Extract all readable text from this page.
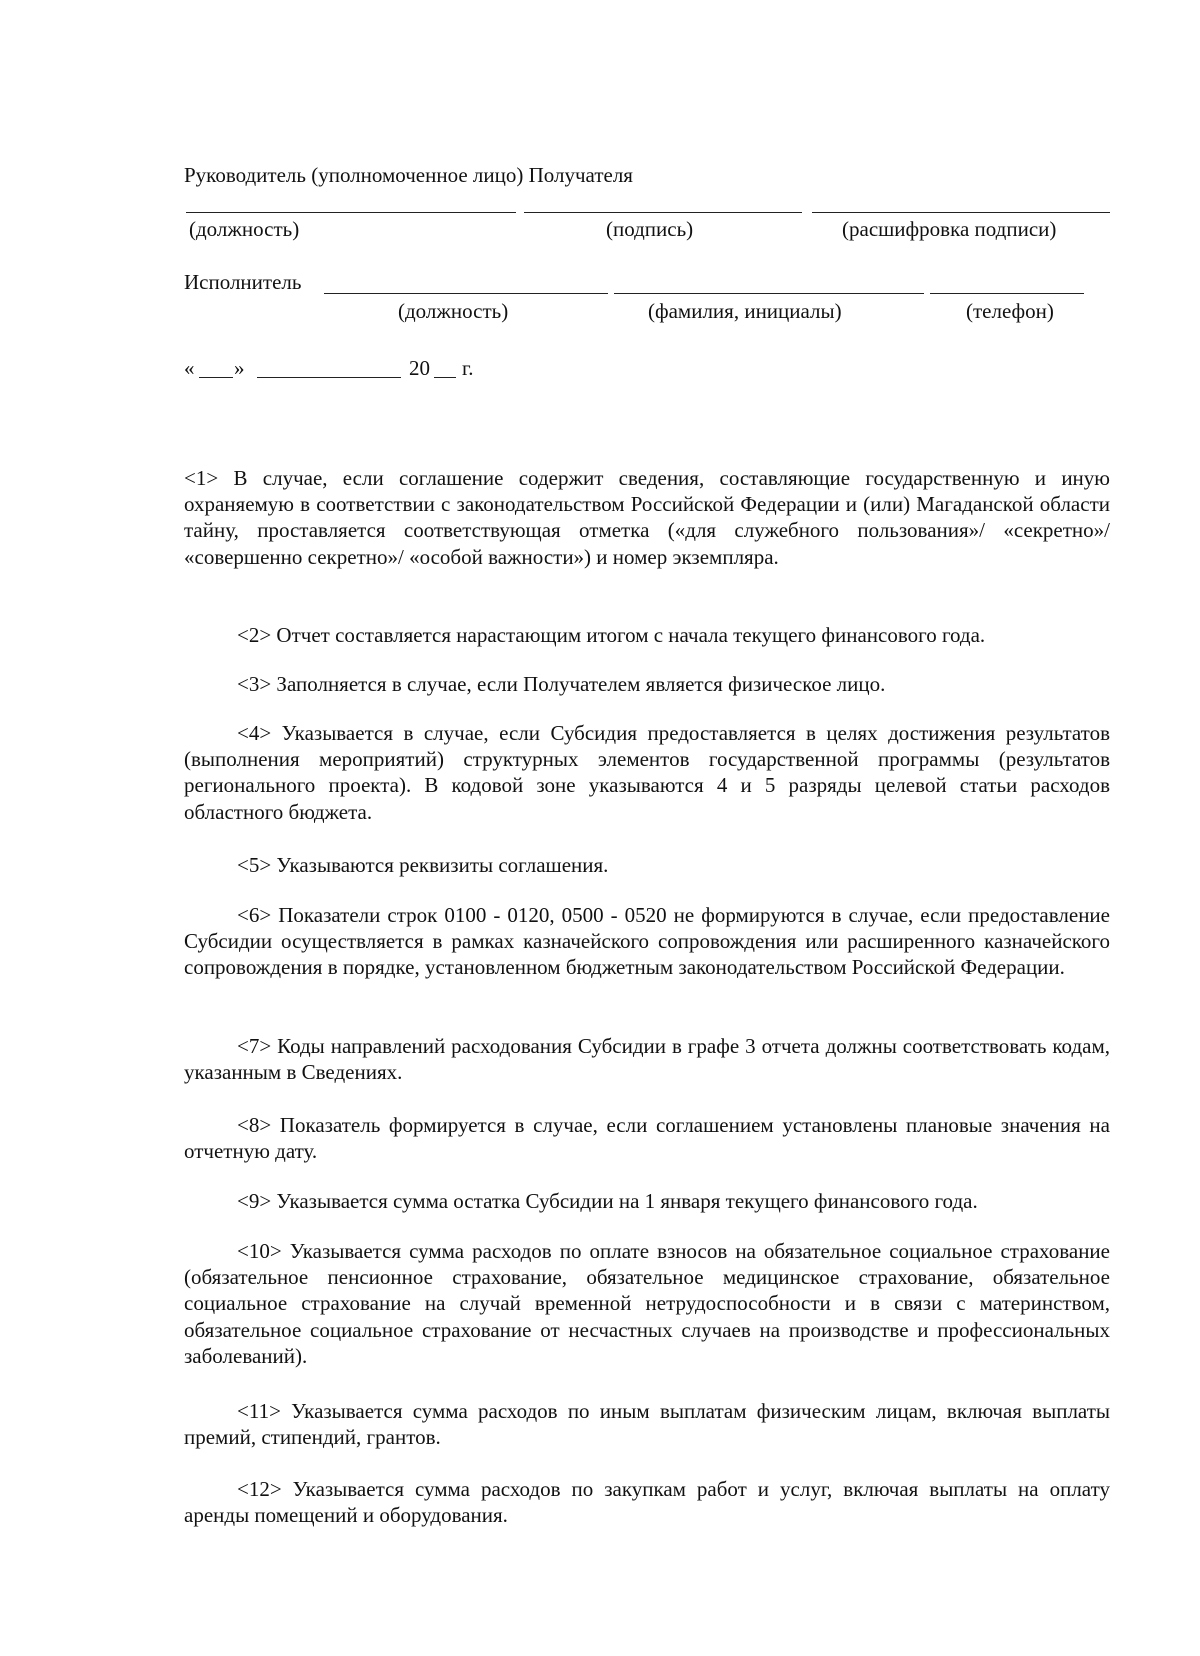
Руководитель (уполномоченное лицо) Получателя
(должность)	(подпись)	(расшифровка подписи)
Исполнитель
(должность)	(фамилия, инициалы)	(телефон)
« »	20 г.

<1> В случае, если соглашение содержит сведения, составляющие государственную и иную охраняемую в соответствии с законодательством Российской Федерации и (или) Магаданской области тайну, проставляется соответствующая отметка («для служебного пользования»/ «секретно»/ «совершенно секретно»/ «особой важности») и номер экземпляра.

<2> Отчет составляется нарастающим итогом с начала текущего финансового года.

<3> Заполняется в случае, если Получателем является физическое лицо.

<4> Указывается в случае, если Субсидия предоставляется в целях достижения результатов (выполнения мероприятий) структурных элементов государственной программы (результатов регионального проекта). В кодовой зоне указываются 4 и 5 разряды целевой статьи расходов областного бюджета.

<5> Указываются реквизиты соглашения.

<6> Показатели строк 0100 - 0120, 0500 - 0520 не формируются в случае, если предоставление Субсидии осуществляется в рамках казначейского сопровождения или расширенного казначейского сопровождения в порядке, установленном бюджетным законодательством Российской Федерации.

<7> Коды направлений расходования Субсидии в графе 3 отчета должны соответствовать кодам, указанным в Сведениях.

<8> Показатель формируется в случае, если соглашением установлены плановые значения на отчетную дату.

<9> Указывается сумма остатка Субсидии на 1 января текущего финансового года.

<10> Указывается сумма расходов по оплате взносов на обязательное социальное страхование (обязательное пенсионное страхование, обязательное медицинское страхование, обязательное социальное страхование на случай временной нетрудоспособности и в связи с материнством, обязательное социальное страхование от несчастных случаев на производстве и профессиональных заболеваний).

<11> Указывается сумма расходов по иным выплатам физическим лицам, включая выплаты премий, стипендий, грантов.

<12> Указывается сумма расходов по закупкам работ и услуг, включая выплаты на оплату аренды помещений и оборудования.
